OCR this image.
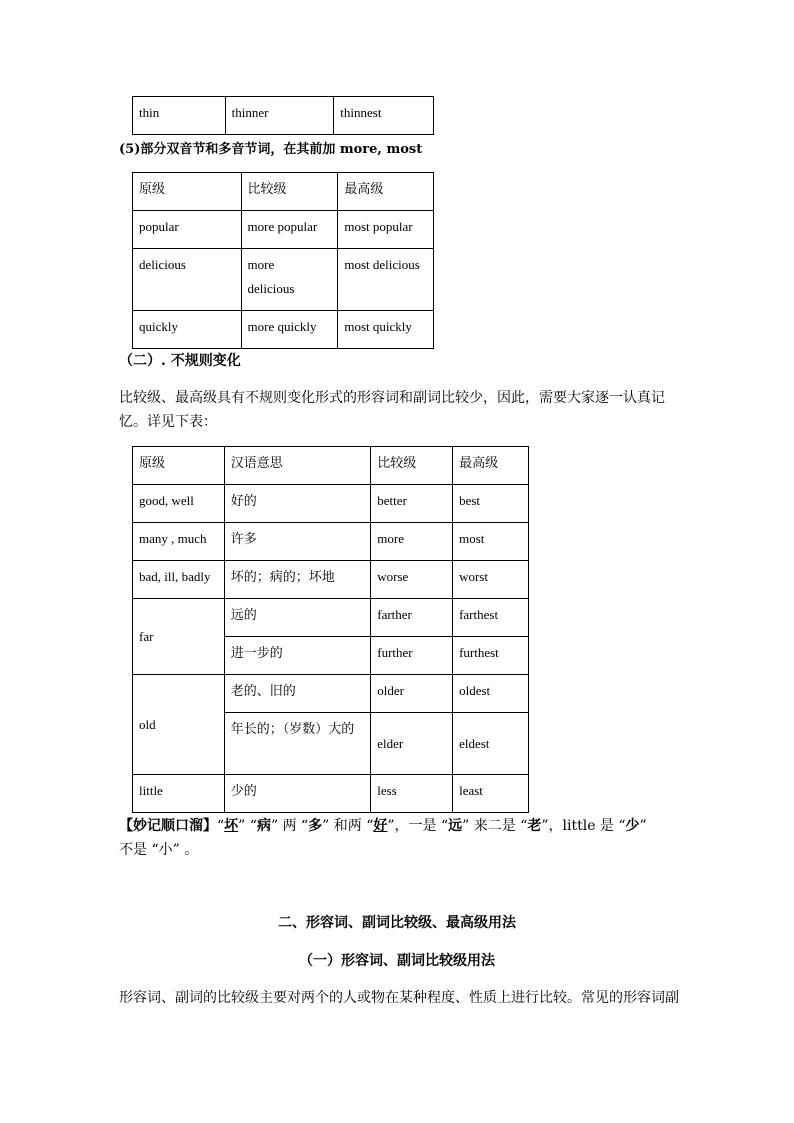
thin	thinner	thinnest
(5)部分双音节和多音节词，在其前加 more, most
原级	比较级	最高级
popular	more popular	most popular
delicious	more delicious	most delicious
quickly	more quickly	most quickly
（二）. 不规则变化
比较级、最高级具有不规则变化形式的形容词和副词比较少，因此，需要大家逐一认真记忆。详见下表：
原级	汉语意思	比较级	最高级
good, well	好的	better	best
many , much	许多	more	most
bad, ill, badly	坏的；病的；坏地	worse	worst
far	远的	farther	farthest
	进一步的	further	furthest
old	老的、旧的	older	oldest
	年长的；（岁数）大的	elder	eldest
little	少的	less	least
【妙记顺口溜】“坏” “病” 两 “多” 和两 “好”，一是 “远” 来二是 “老”，little 是 “少”
不是 “小” 。
二、形容词、副词比较级、最高级用法
（一）形容词、副词比较级用法
形容词、副词的比较级主要对两个的人或物在某种程度、性质上进行比较。常见的形容词副
